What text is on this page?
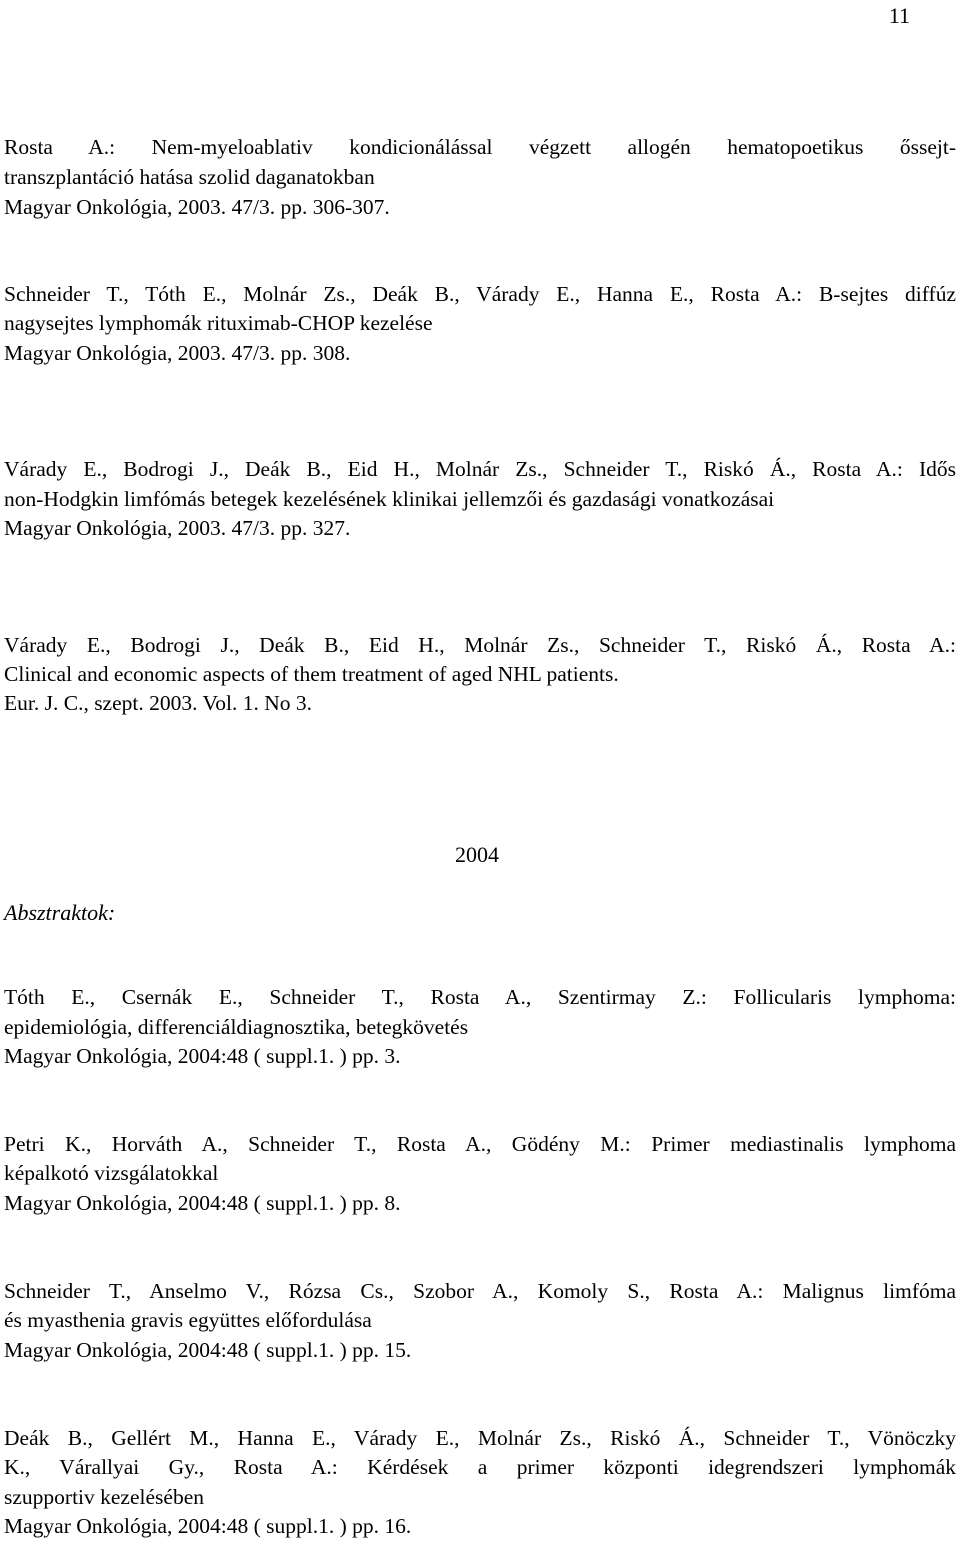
11
Rosta A.: Nem-myeloablativ kondicionálással végzett allogén hematopoetikus őssejt-
transzplantáció hatása szolid daganatokban
Magyar Onkológia, 2003. 47/3. pp. 306-307.
Schneider T., Tóth E., Molnár Zs., Deák B., Várady E., Hanna E., Rosta A.: B-sejtes diffúz
nagysejtes lymphomák rituximab-CHOP kezelése
Magyar Onkológia, 2003. 47/3. pp. 308.
Várady E., Bodrogi J., Deák B., Eid H., Molnár Zs., Schneider T., Riskó Á., Rosta A.: Idős
non-Hodgkin limfómás betegek kezelésének klinikai jellemzői és gazdasági vonatkozásai
Magyar Onkológia, 2003. 47/3. pp. 327.
Várady E., Bodrogi J., Deák B., Eid H., Molnár Zs., Schneider T., Riskó Á., Rosta A.:
Clinical and economic aspects of them treatment of aged NHL patients.
Eur. J. C., szept. 2003. Vol. 1. No 3.
2004
Absztraktok:
Tóth E., Csernák E., Schneider T., Rosta A., Szentirmay Z.: Follicularis lymphoma:
epidemiológia, differenciáldiagnosztika, betegkövetés
Magyar Onkológia, 2004:48 ( suppl.1. ) pp. 3.
Petri K., Horváth A., Schneider T., Rosta A., Gödény M.: Primer mediastinalis lymphoma
képalkotó vizsgálatokkal
Magyar Onkológia, 2004:48 ( suppl.1. ) pp. 8.
Schneider T., Anselmo V., Rózsa Cs., Szobor A., Komoly S., Rosta A.: Malignus limfóma
és myasthenia gravis együttes előfordulása
Magyar Onkológia, 2004:48 ( suppl.1. ) pp. 15.
Deák B., Gellért M., Hanna E., Várady E., Molnár Zs., Riskó Á., Schneider T., Vönöczky
K., Várallyai Gy., Rosta A.: Kérdések a primer központi idegrendszeri lymphomák
szupportiv kezelésében
Magyar Onkológia, 2004:48 ( suppl.1. ) pp. 16.
